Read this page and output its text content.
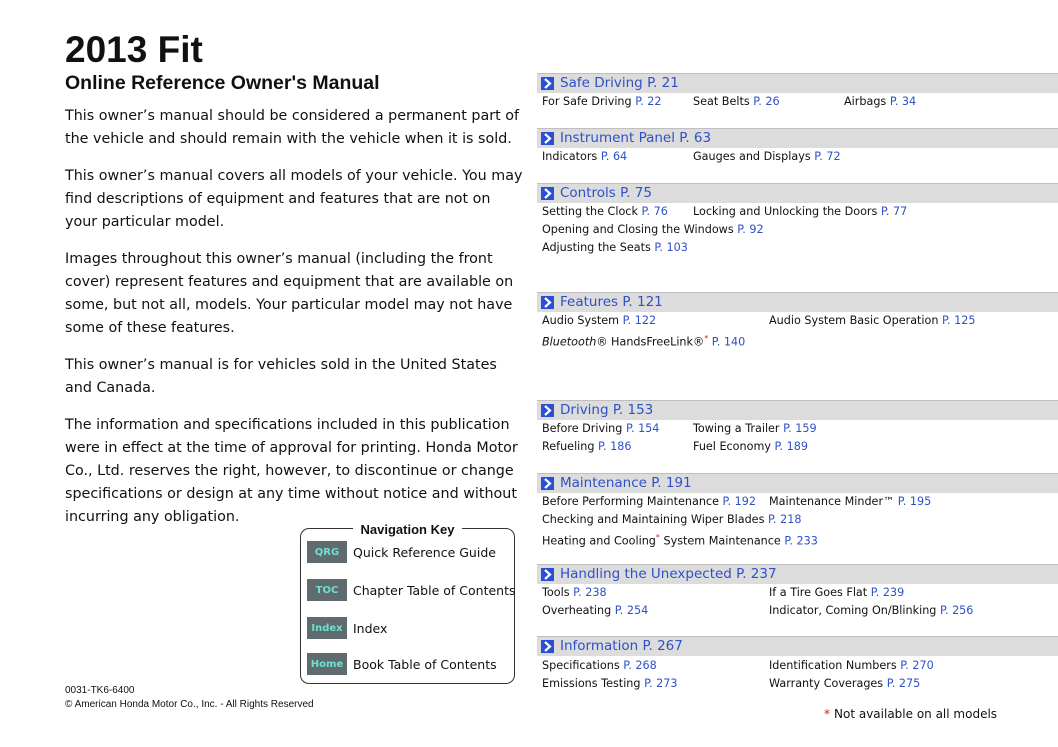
2013 Fit
Online Reference Owner's Manual

This owner’s manual should be considered a permanent part of the vehicle and should remain with the vehicle when it is sold.

This owner’s manual covers all models of your vehicle. You may find descriptions of equipment and features that are not on your particular model.

Images throughout this owner’s manual (including the front cover) represent features and equipment that are available on some, but not all, models. Your particular model may not have some of these features.

This owner’s manual is for vehicles sold in the United States and Canada.

The information and specifications included in this publication were in effect at the time of approval for printing. Honda Motor Co., Ltd. reserves the right, however, to discontinue or change specifications or design at any time without notice and without incurring any obligation.

Navigation Key
QRG	Quick Reference Guide
TOC	Chapter Table of Contents
Index Index
Home Book Table of Contents
0031-TK6-6400
© American Honda Motor Co., Inc. - All Rights Reserved
Safe Driving P. 21
For Safe Driving P. 22	Seat Belts P. 26	Airbags P. 34
Instrument Panel P. 63
Indicators P. 64	Gauges and Displays P. 72
Controls P. 75
Setting the Clock P. 76 Locking and Unlocking the Doors P. 77
Opening and Closing the Windows P. 92
Adjusting the Seats P. 103
Features P. 121
Audio System P. 122	Audio System Basic Operation P. 125
Bluetooth® HandsFreeLink®* P. 140
Driving P. 153
Before Driving P. 154	Towing a Trailer P. 159
Refueling P. 186	Fuel Economy P. 189
Maintenance P. 191
Before Performing Maintenance P. 192 Maintenance Minder™ P. 195
Checking and Maintaining Wiper Blades P. 218
Heating and Cooling* System Maintenance P. 233
Handling the Unexpected P. 237
Tools P. 238	If a Tire Goes Flat P. 239
Overheating P. 254	Indicator, Coming On/Blinking P. 256
Information P. 267
Specifications P. 268	Identification Numbers P. 270
Emissions Testing P. 273	Warranty Coverages P. 275
* Not available on all models
